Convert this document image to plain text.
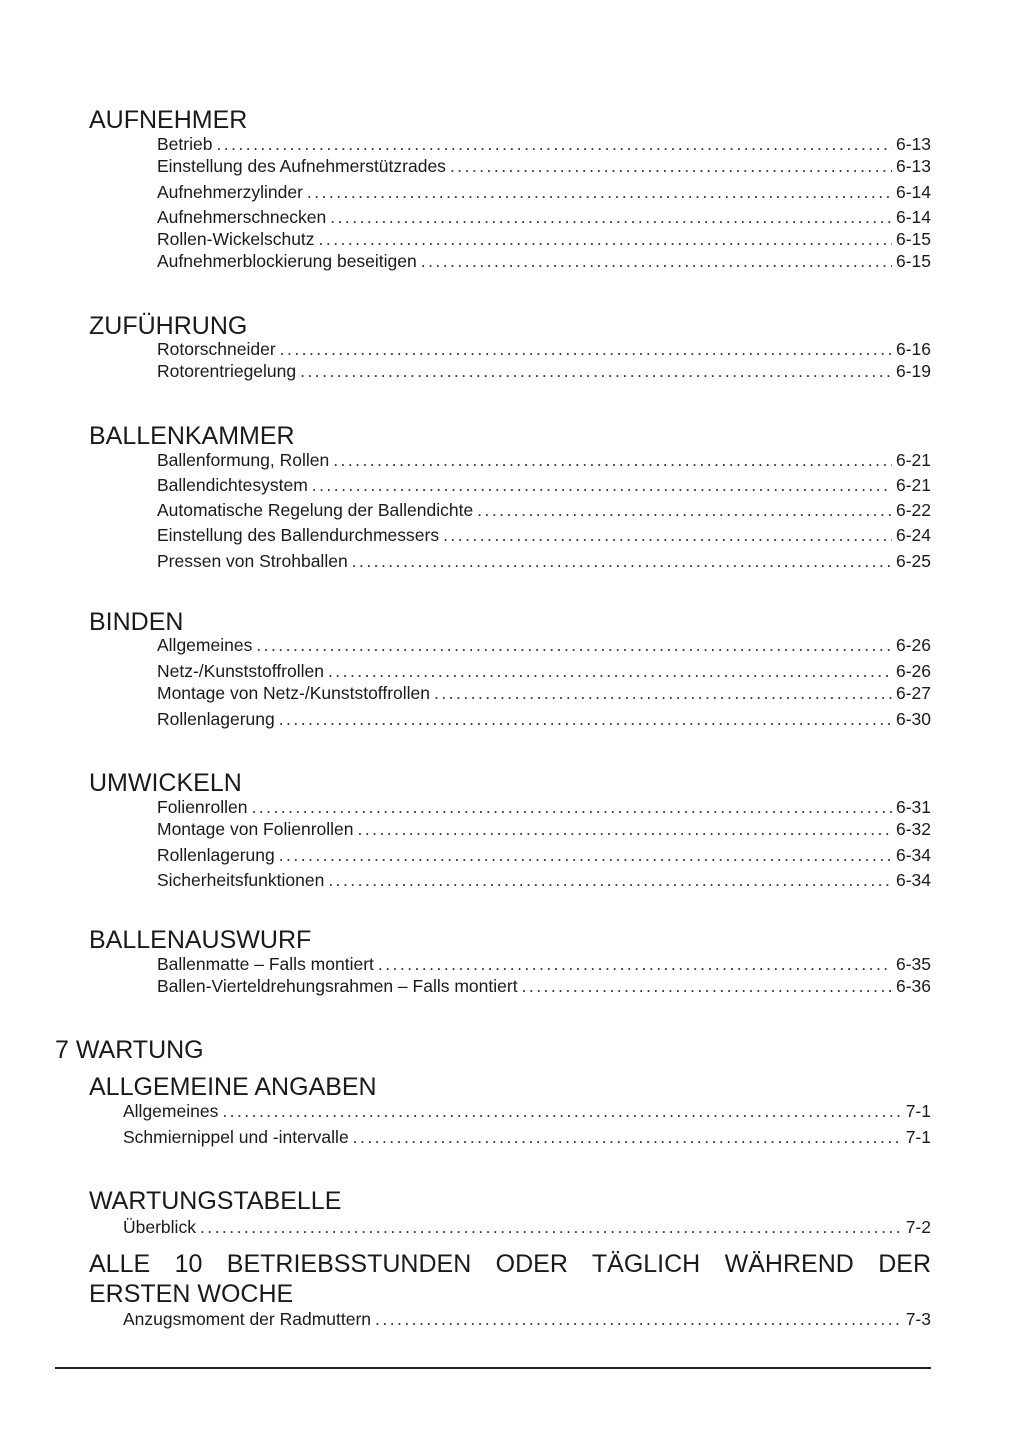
AUFNEHMER
Betrieb . . .	6-13
Einstellung des Aufnehmerstützrades . . .	6-13
Aufnehmerzylinder . . .	6-14
Aufnehmerschnecken . . .	6-14
Rollen-Wickelschutz . . .	6-15
Aufnehmerblockierung beseitigen . . .	6-15
ZUFÜHRUNG
Rotorschneider . . .	6-16
Rotorentriegelung . . .	6-19
BALLENKAMMER
Ballenformung, Rollen . . .	6-21
Ballendichtesystem . . .	6-21
Automatische Regelung der Ballendichte . . .	6-22
Einstellung des Ballendurchmessers . . .	6-24
Pressen von Strohballen . . .	6-25
BINDEN
Allgemeines . . .	6-26
Netz-/Kunststoffrollen . . .	6-26
Montage von Netz-/Kunststoffrollen . . .	6-27
Rollenlagerung . . .	6-30
UMWICKELN
Folienrollen . . .	6-31
Montage von Folienrollen . . .	6-32
Rollenlagerung . . .	6-34
Sicherheitsfunktionen . . .	6-34
BALLENAUSWURF
Ballenmatte – Falls montiert . . .	6-35
Ballen-Vierteldrehungsrahmen – Falls montiert . . .	6-36
7 WARTUNG
ALLGEMEINE ANGABEN
Allgemeines . . .	7-1
Schmiernippel und -intervalle . . .	7-1
WARTUNGSTABELLE
Überblick . . .	7-2
ALLE 10 BETRIEBSSTUNDEN ODER TÄGLICH WÄHREND DER ERSTEN WOCHE
Anzugsmoment der Radmuttern . . .	7-3
